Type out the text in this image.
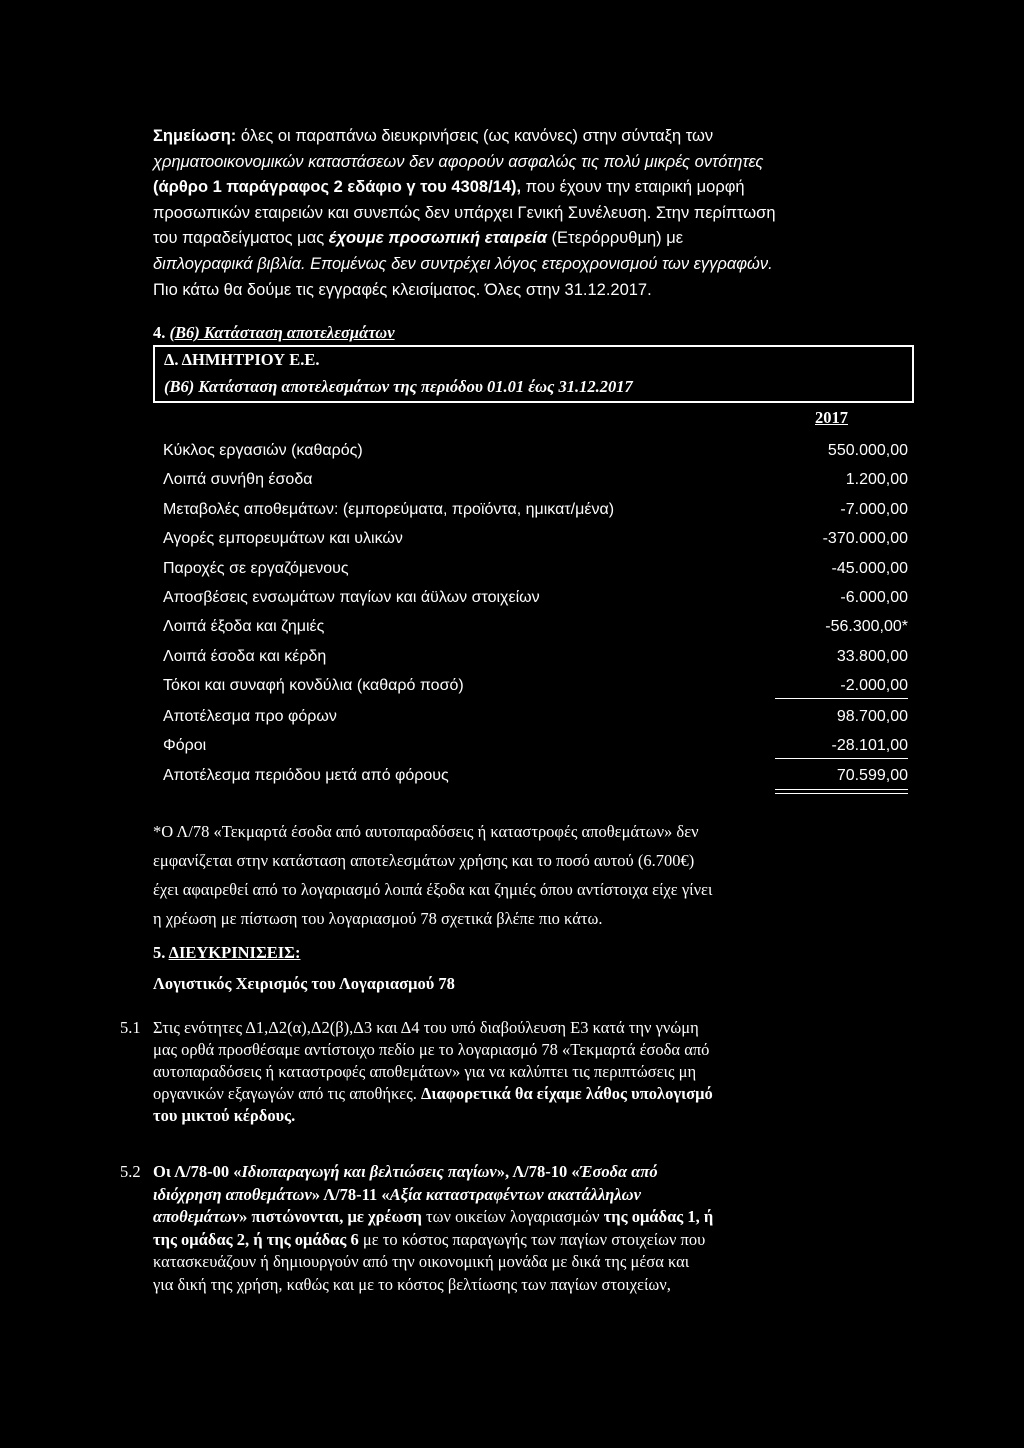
Σημείωση: όλες οι παραπάνω διευκρινήσεις (ως κανόνες) στην σύνταξη των
χρηματοοικονομικών καταστάσεων δεν αφορούν ασφαλώς τις πολύ μικρές οντότητες
(άρθρο 1 παράγραφος 2 εδάφιο γ του 4308/14), που έχουν την εταιρική μορφή
προσωπικών εταιρειών και συνεπώς δεν υπάρχει Γενική Συνέλευση. Στην περίπτωση
του παραδείγματος μας έχουμε προσωπική εταιρεία (Ετερόρρυθμη) με
διπλογραφικά βιβλία. Επομένως δεν συντρέχει λόγος ετεροχρονισμού των εγγραφών.
Πιο κάτω θα δούμε τις εγγραφές κλεισίματος. Όλες στην 31.12.2017.
4. (Β6) Κατάσταση αποτελεσμάτων
Δ. ΔΗΜΗΤΡΙΟΥ Ε.Ε.
(Β6) Κατάσταση αποτελεσμάτων της περιόδου 01.01 έως 31.12.2017
2017
Κύκλος εργασιών (καθαρός)	550.000,00
Λοιπά συνήθη έσοδα	1.200,00
Μεταβολές αποθεμάτων: (εμπορεύματα, προϊόντα, ημικατ/μένα)	-7.000,00
Αγορές εμπορευμάτων και υλικών	-370.000,00
Παροχές σε εργαζόμενους	-45.000,00
Αποσβέσεις ενσωμάτων παγίων και άϋλων στοιχείων	-6.000,00
Λοιπά έξοδα και ζημιές	-56.300,00*
Λοιπά έσοδα και κέρδη	33.800,00
Τόκοι και συναφή κονδύλια (καθαρό ποσό)	-2.000,00
Αποτέλεσμα προ φόρων	98.700,00
Φόροι	-28.101,00
Αποτέλεσμα περιόδου μετά από φόρους	70.599,00
*Ο Λ/78 «Τεκμαρτά έσοδα από αυτοπαραδόσεις ή καταστροφές αποθεμάτων» δεν
εμφανίζεται στην κατάσταση αποτελεσμάτων χρήσης και το ποσό αυτού (6.700€)
έχει αφαιρεθεί από το λογαριασμό λοιπά έξοδα και ζημιές όπου αντίστοιχα είχε γίνει
η χρέωση με πίστωση του λογαριασμού 78 σχετικά βλέπε πιο κάτω.
5. ΔΙΕΥΚΡΙΝΙΣΕΙΣ:
Λογιστικός Χειρισμός του Λογαριασμού 78
5.1 Στις ενότητες Δ1,Δ2(α),Δ2(β),Δ3 και Δ4 του υπό διαβούλευση Ε3 κατά την γνώμη
μας ορθά προσθέσαμε αντίστοιχο πεδίο με το λογαριασμό 78 «Τεκμαρτά έσοδα από
αυτοπαραδόσεις ή καταστροφές αποθεμάτων» για να καλύπτει τις περιπτώσεις μη
οργανικών εξαγωγών από τις αποθήκες. Διαφορετικά θα είχαμε λάθος υπολογισμό
του μικτού κέρδους.
5.2 Οι Λ/78-00 «Ιδιοπαραγωγή και βελτιώσεις παγίων», Λ/78-10 «Έσοδα από
ιδιόχρηση αποθεμάτων» Λ/78-11 «Αξία καταστραφέντων ακατάλληλων
αποθεμάτων» πιστώνονται, με χρέωση των οικείων λογαριασμών της ομάδας 1, ή
της ομάδας 2, ή της ομάδας 6 με το κόστος παραγωγής των παγίων στοιχείων που
κατασκευάζουν ή δημιουργούν από την οικονομική μονάδα με δικά της μέσα και
για δική της χρήση, καθώς και με το κόστος βελτίωσης των παγίων στοιχείων,
